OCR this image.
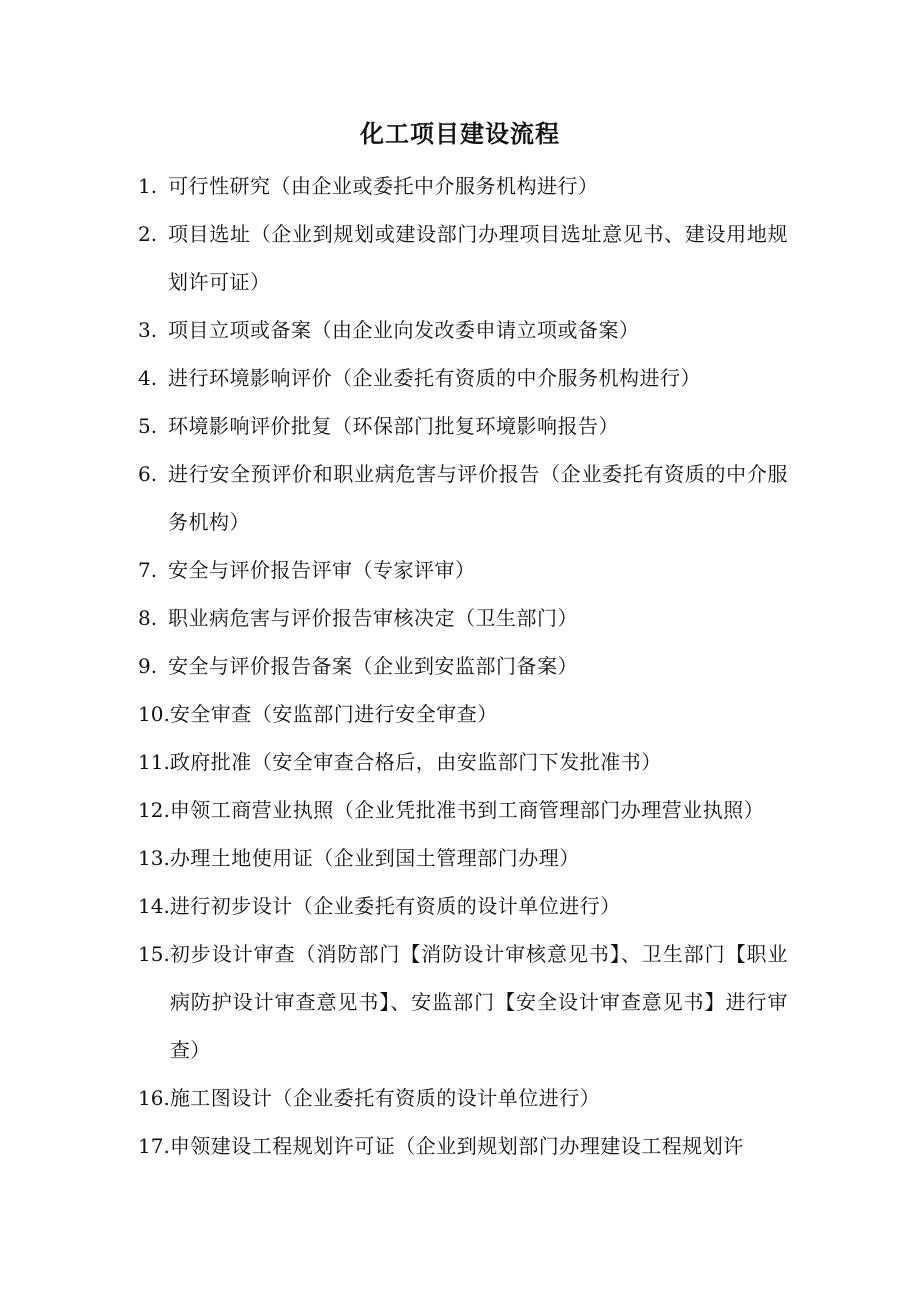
化工项目建设流程
1. 可行性研究（由企业或委托中介服务机构进行）
2. 项目选址（企业到规划或建设部门办理项目选址意见书、建设用地规划许可证）
3. 项目立项或备案（由企业向发改委申请立项或备案）
4. 进行环境影响评价（企业委托有资质的中介服务机构进行）
5. 环境影响评价批复（环保部门批复环境影响报告）
6. 进行安全预评价和职业病危害与评价报告（企业委托有资质的中介服务机构）
7. 安全与评价报告评审（专家评审）
8. 职业病危害与评价报告审核决定（卫生部门）
9. 安全与评价报告备案（企业到安监部门备案）
10. 安全审查（安监部门进行安全审查）
11. 政府批准（安全审查合格后，由安监部门下发批准书）
12. 申领工商营业执照（企业凭批准书到工商管理部门办理营业执照）
13. 办理土地使用证（企业到国土管理部门办理）
14. 进行初步设计（企业委托有资质的设计单位进行）
15. 初步设计审查（消防部门【消防设计审核意见书】、卫生部门【职业病防护设计审查意见书】、安监部门【安全设计审查意见书】进行审查）
16. 施工图设计（企业委托有资质的设计单位进行）
17. 申领建设工程规划许可证（企业到规划部门办理建设工程规划许
